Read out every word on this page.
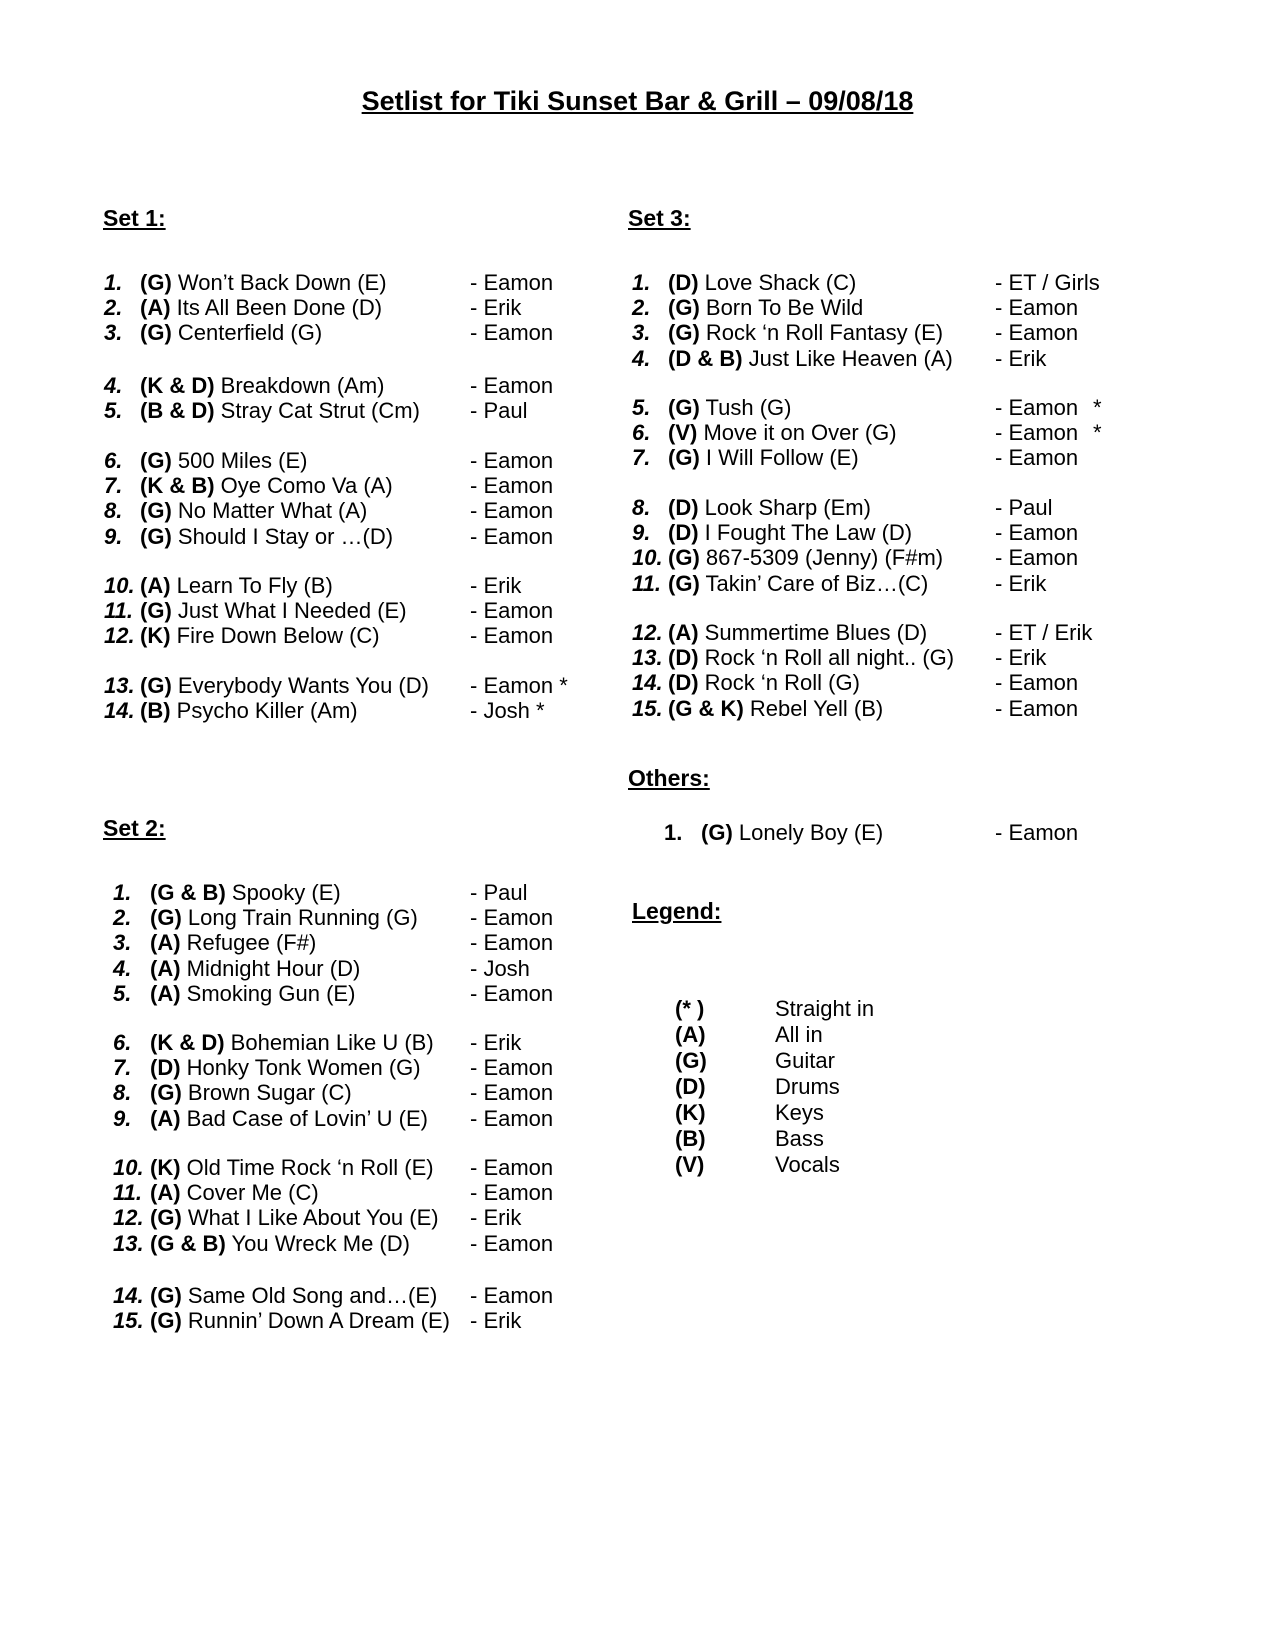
Setlist for Tiki Sunset Bar & Grill – 09/08/18
Set 1:
Set 2:
Set 3:
Others:
Legend:
1. (G) Won’t Back Down (E)	- Eamon
2. (A) Its All Been Done (D)	- Erik
3. (G) Centerfield (G)	- Eamon
4. (K & D) Breakdown (Am)	- Eamon
5. (B & D) Stray Cat Strut (Cm) - Paul
6. (G) 500 Miles (E)	- Eamon
7. (K & B) Oye Como Va (A)	- Eamon
8. (G) No Matter What (A)	- Eamon
9. (G) Should I Stay or …(D)	- Eamon
10. (A) Learn To Fly (B)	- Erik
11. (G) Just What I Needed (E)	- Eamon
12. (K) Fire Down Below (C)	- Eamon
13. (G) Everybody Wants You (D) - Eamon *
14. (B) Psycho Killer (Am)	- Josh *
1. (G & B) Spooky (E)	- Paul
2. (G) Long Train Running (G) - Eamon
3. (A) Refugee (F#)	- Eamon
4. (A) Midnight Hour (D)	- Josh
5. (A) Smoking Gun (E)	- Eamon
6. (K & D) Bohemian Like U (B) - Erik
7. (D) Honky Tonk Women (G) - Eamon
8. (G) Brown Sugar (C)	- Eamon
9. (A) Bad Case of Lovin’ U (E) - Eamon
10. (K) Old Time Rock ‘n Roll (E) - Eamon
11. (A) Cover Me (C)	- Eamon
12. (G) What I Like About You (E) - Erik
13. (G & B) You Wreck Me (D)	- Eamon
14. (G) Same Old Song and…(E) - Eamon
15. (G) Runnin’ Down A Dream (E) - Erik
1. (D) Love Shack (C)	- ET / Girls
2. (G) Born To Be Wild	- Eamon
3. (G) Rock ‘n Roll Fantasy (E) - Eamon
4. (D & B) Just Like Heaven (A) - Erik
5. (G) Tush (G)	- Eamon *
6. (V) Move it on Over (G)	- Eamon *
7. (G) I Will Follow (E)	- Eamon
8. (D) Look Sharp (Em)	- Paul
9. (D) I Fought The Law (D)	- Eamon
10. (G) 867-5309 (Jenny) (F#m) - Eamon
11. (G) Takin’ Care of Biz…(C)	- Erik
12. (A) Summertime Blues (D)	- ET / Erik
13. (D) Rock ‘n Roll all night.. (G) - Erik
14. (D) Rock ‘n Roll (G)	- Eamon
15. (G & K) Rebel Yell (B)	- Eamon
1. (G) Lonely Boy (E)	- Eamon
(* )	Straight in
(A)	All in
(G)	Guitar
(D)	Drums
(K)	Keys
(B)	Bass
(V)	Vocals
